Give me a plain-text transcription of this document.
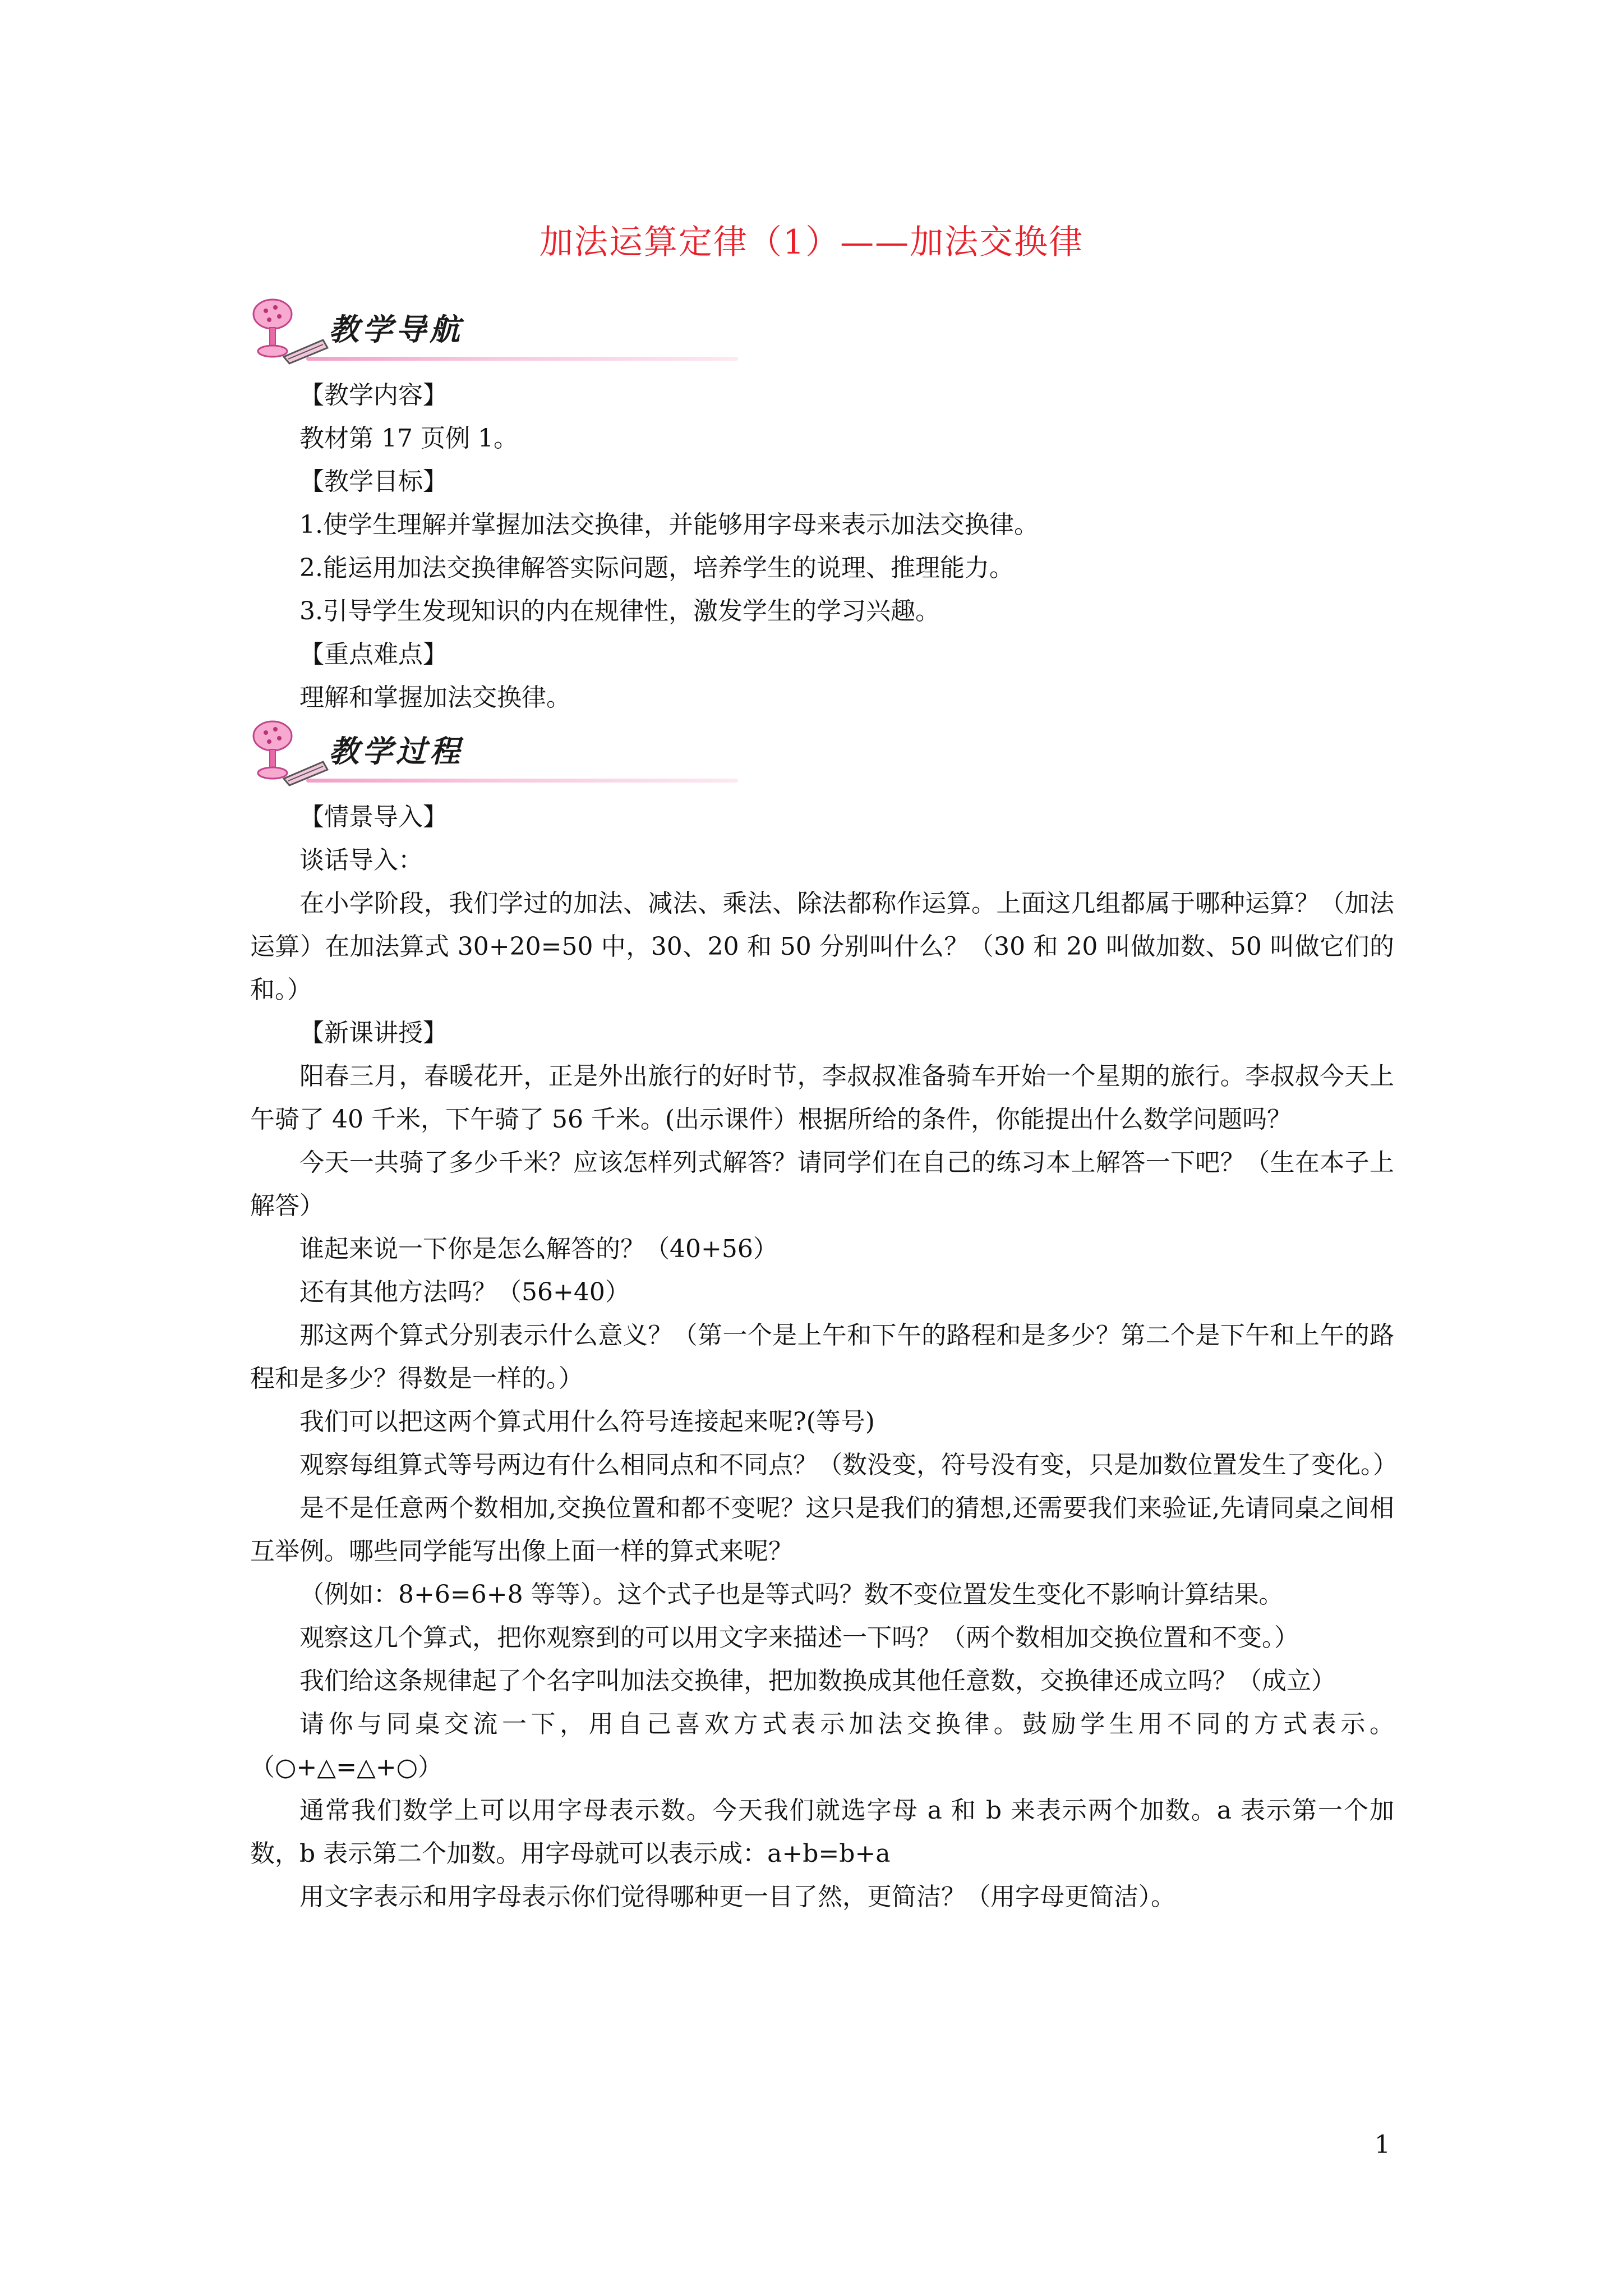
加法运算定律（1）——加法交换律
教学导航

【教学内容】

教材第 17 页例 1。

【教学目标】

1.使学生理解并掌握加法交换律，并能够用字母来表示加法交换律。

2.能运用加法交换律解答实际问题，培养学生的说理、推理能力。

3.引导学生发现知识的内在规律性，激发学生的学习兴趣。

【重点难点】

理解和掌握加法交换律。

教学过程

【情景导入】

谈话导入：

在小学阶段，我们学过的加法、减法、乘法、除法都称作运算。上面这几组都属于哪种运算？（加法运算）在加法算式 30+20=50 中，30、20 和 50 分别叫什么？（30 和 20 叫做加数、50 叫做它们的和。）

【新课讲授】

阳春三月，春暖花开，正是外出旅行的好时节，李叔叔准备骑车开始一个星期的旅行。李叔叔今天上午骑了 40 千米，下午骑了 56 千米。(出示课件）根据所给的条件，你能提出什么数学问题吗？

今天一共骑了多少千米？应该怎样列式解答？请同学们在自己的练习本上解答一下吧？（生在本子上解答）

谁起来说一下你是怎么解答的？（40+56）

还有其他方法吗？（56+40）

那这两个算式分别表示什么意义？（第一个是上午和下午的路程和是多少？第二个是下午和上午的路程和是多少？得数是一样的。）

我们可以把这两个算式用什么符号连接起来呢?(等号)

观察每组算式等号两边有什么相同点和不同点？（数没变，符号没有变，只是加数位置发生了变化。）

是不是任意两个数相加,交换位置和都不变呢？这只是我们的猜想,还需要我们来验证,先请同桌之间相互举例。哪些同学能写出像上面一样的算式来呢？

（例如：8+6=6+8 等等）。这个式子也是等式吗？数不变位置发生变化不影响计算结果。

观察这几个算式，把你观察到的可以用文字来描述一下吗？（两个数相加交换位置和不变。）

我们给这条规律起了个名字叫加法交换律，把加数换成其他任意数，交换律还成立吗？（成立）

请你与同桌交流一下，用自己喜欢方式表示加法交换律。鼓励学生用不同的方式表示。（○+△=△+○）

通常我们数学上可以用字母表示数。今天我们就选字母 a 和 b 来表示两个加数。a 表示第一个加数，b 表示第二个加数。用字母就可以表示成：a+b=b+a

用文字表示和用字母表示你们觉得哪种更一目了然，更简洁？（用字母更简洁）。

1
